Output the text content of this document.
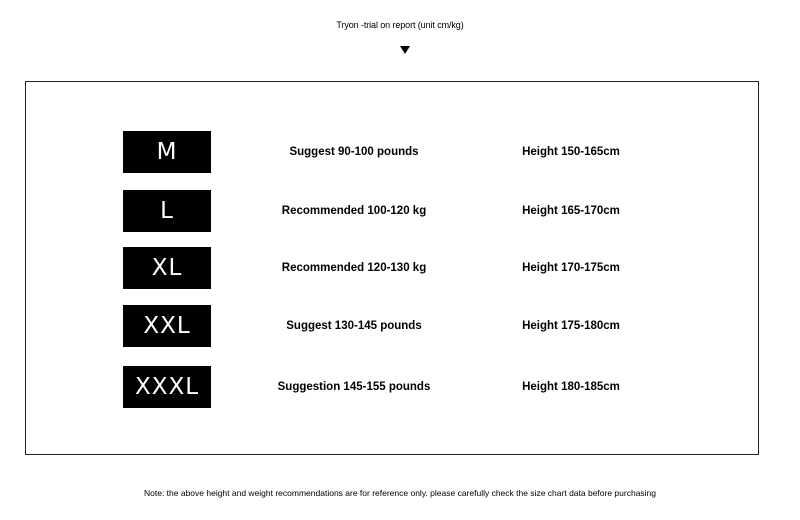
Tryon -trial on report (unit cm/kg)
M	Suggest 90-100 pounds	Height 150-165cm
L	Recommended 100-120 kg	Height 165-170cm
XL	Recommended 120-130 kg	Height 170-175cm
XXL	Suggest 130-145 pounds	Height 175-180cm
XXXL	Suggestion 145-155 pounds	Height 180-185cm
Note: the above height and weight recommendations are for reference only. please carefully check the size chart data before purchasing
